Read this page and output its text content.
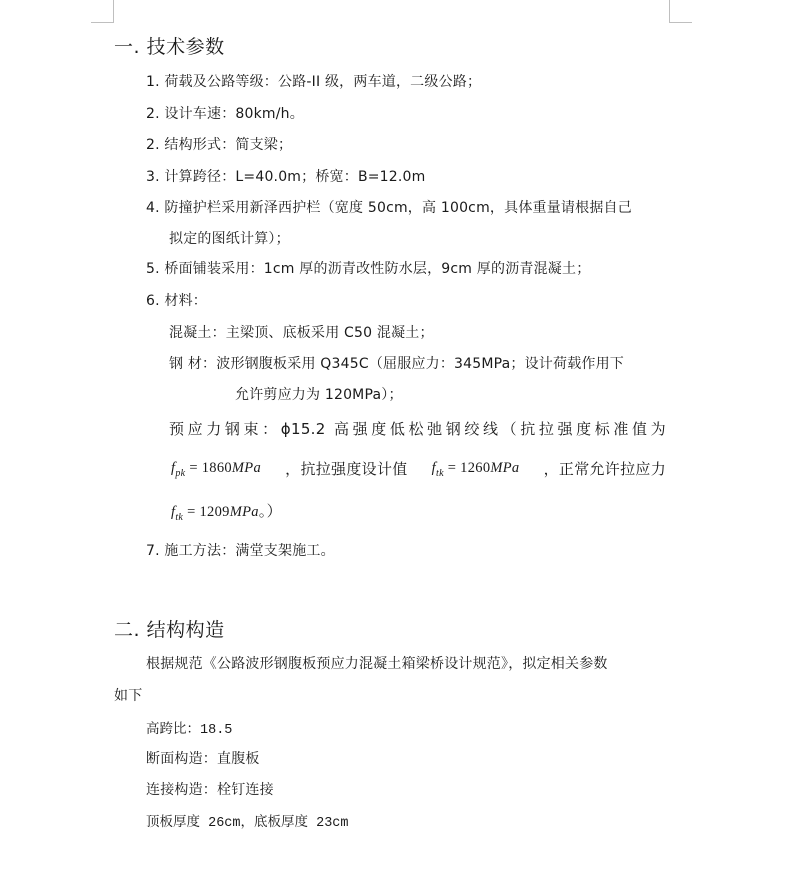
一. 技术参数
1. 荷载及公路等级：公路-II 级，两车道，二级公路；
2. 设计车速：80km/h。
2. 结构形式：简支梁；
3. 计算跨径：L=40.0m；桥宽：B=12.0m
4. 防撞护栏采用新泽西护栏（宽度 50cm，高 100cm，具体重量请根据自己
拟定的图纸计算）；
5. 桥面铺装采用：1cm 厚的沥青改性防水层，9cm 厚的沥青混凝土；
6. 材料：
混凝土：主梁顶、底板采用 C50 混凝土；
钢 材：波形钢腹板采用 Q345C（屈服应力：345MPa；设计荷载作用下
允许剪应力为 120MPa）；
预应力钢束：ϕ15.2 高强度低松弛钢绞线（抗拉强度标准值为
$f_{pk} = 1860MPa$ ，抗拉强度设计值 $f_{tk} = 1260MPa$ ，正常允许拉应力
$f_{tk} = 1209MPa$。）
7. 施工方法：满堂支架施工。
二. 结构构造
根据规范《公路波形钢腹板预应力混凝土箱梁桥设计规范》，拟定相关参数
如下
高跨比：18.5
断面构造：直腹板
连接构造：栓钉连接
顶板厚度 26cm，底板厚度 23cm
